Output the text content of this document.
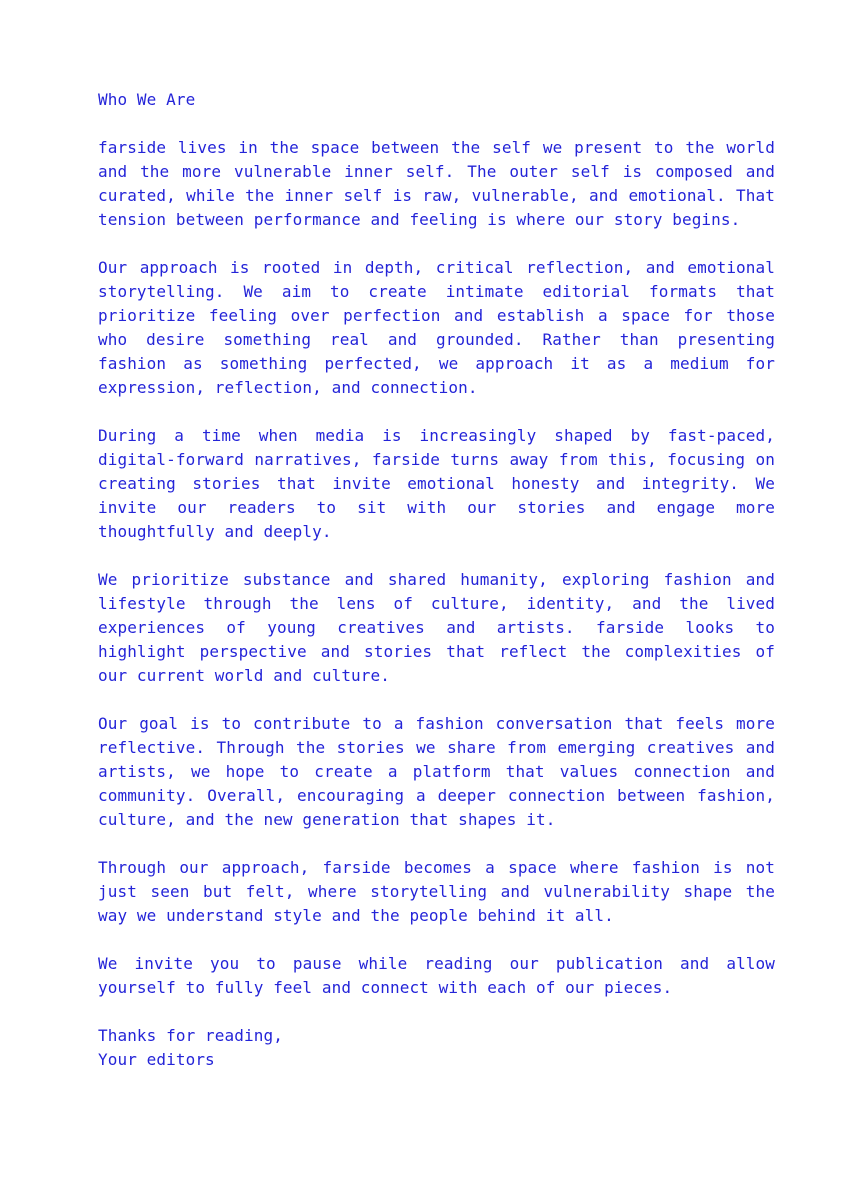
Who We Are

farside lives in the space between the self we present to the world and the more vulnerable inner self. The outer self is composed and curated, while the inner self is raw, vulnerable, and emotional. That tension between performance and feeling is where our story begins.

Our approach is rooted in depth, critical reflection, and emotional storytelling. We aim to create intimate editorial formats that prioritize feeling over perfection and establish a space for those who desire something real and grounded. Rather than presenting fashion as something perfected, we approach it as a medium for expression, reflection, and connection.

During a time when media is increasingly shaped by fast-paced, digital-forward narratives, farside turns away from this, focusing on creating stories that invite emotional honesty and integrity. We invite our readers to sit with our stories and engage more thoughtfully and deeply.

We prioritize substance and shared humanity, exploring fashion and lifestyle through the lens of culture, identity, and the lived experiences of young creatives and artists. farside looks to highlight perspective and stories that reflect the complexities of our current world and culture.

Our goal is to contribute to a fashion conversation that feels more reflective. Through the stories we share from emerging creatives and artists, we hope to create a platform that values connection and community. Overall, encouraging a deeper connection between fashion, culture, and the new generation that shapes it.

Through our approach, farside becomes a space where fashion is not just seen but felt, where storytelling and vulnerability shape the way we understand style and the people behind it all.

We invite you to pause while reading our publication and allow yourself to fully feel and connect with each of our pieces.

Thanks for reading,
Your editors
